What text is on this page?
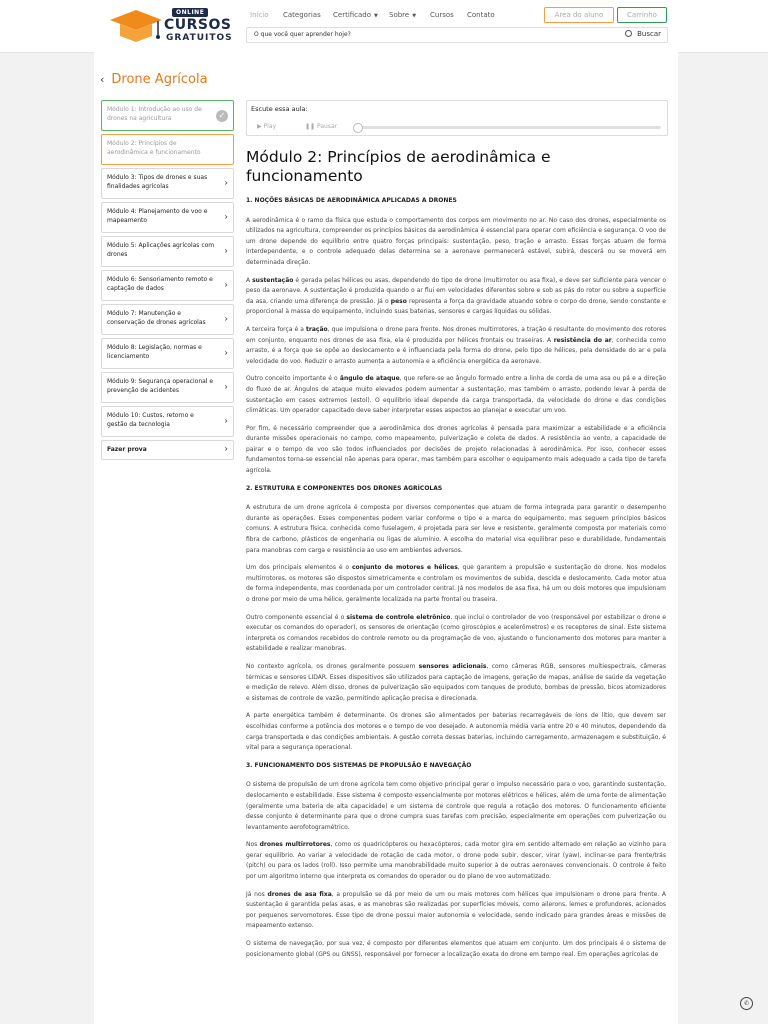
ONLINE
CURSOS
GRATUITOS
Início Categorias Certificado ▼ Sobre ▼ Cursos Contato	Área do aluno	Carrinho
O que você quer aprender hoje?	Buscar
‹ Drone Agrícola
Módulo 1: Introdução ao uso de drones na agricultura	✓
Módulo 2: Princípios de aerodinâmica e funcionamento
Módulo 3: Tipos de drones e suas finalidades agrícolas	›
Módulo 4: Planejamento de voo e mapeamento	›
Módulo 5: Aplicações agrícolas com drones	›
Módulo 6: Sensoriamento remoto e captação de dados	›
Módulo 7: Manutenção e conservação de drones agrícolas ›
Módulo 8: Legislação, normas e licenciamento	›
Módulo 9: Segurança operacional e prevenção de acidentes	›
Módulo 10: Custos, retorno e gestão da tecnologia	›
Fazer prova	›
Escute essa aula:
▶ Play	❚❚ Pausar
Módulo 2: Princípios de aerodinâmica e funcionamento
1. NOÇÕES BÁSICAS DE AERODINÂMICA APLICADAS A DRONES

A aerodinâmica é o ramo da física que estuda o comportamento dos corpos em movimento no ar. No caso dos drones, especialmente os utilizados na agricultura, compreender os princípios básicos da aerodinâmica é essencial para operar com eficiência e segurança. O voo de um drone depende do equilíbrio entre quatro forças principais: sustentação, peso, tração e arrasto. Essas forças atuam de forma interdependente, e o controle adequado delas determina se a aeronave permanecerá estável, subirá, descerá ou se moverá em determinada direção.

A sustentação é gerada pelas hélices ou asas, dependendo do tipo de drone (multirrotor ou asa fixa), e deve ser suficiente para vencer o peso da aeronave. A sustentação é produzida quando o ar flui em velocidades diferentes sobre e sob as pás do rotor ou sobre a superfície da asa, criando uma diferença de pressão. Já o peso representa a força da gravidade atuando sobre o corpo do drone, sendo constante e proporcional à massa do equipamento, incluindo suas baterias, sensores e cargas líquidas ou sólidas.

A terceira força é a tração, que impulsiona o drone para frente. Nos drones multirrotores, a tração é resultante do movimento dos rotores em conjunto, enquanto nos drones de asa fixa, ela é produzida por hélices frontais ou traseiras. A resistência do ar, conhecida como arrasto, é a força que se opõe ao deslocamento e é influenciada pela forma do drone, pelo tipo de hélices, pela densidade do ar e pela velocidade do voo. Reduzir o arrasto aumenta a autonomia e a eficiência energética da aeronave.

Outro conceito importante é o ângulo de ataque, que refere-se ao ângulo formado entre a linha de corda de uma asa ou pá e a direção do fluxo de ar. Ângulos de ataque muito elevados podem aumentar a sustentação, mas também o arrasto, podendo levar à perda de sustentação em casos extremos (estol). O equilíbrio ideal depende da carga transportada, da velocidade do drone e das condições climáticas. Um operador capacitado deve saber interpretar esses aspectos ao planejar e executar um voo.

Por fim, é necessário compreender que a aerodinâmica dos drones agrícolas é pensada para maximizar a estabilidade e a eficiência durante missões operacionais no campo, como mapeamento, pulverização e coleta de dados. A resistência ao vento, a capacidade de pairar e o tempo de voo são todos influenciados por decisões de projeto relacionadas à aerodinâmica. Por isso, conhecer esses fundamentos torna-se essencial não apenas para operar, mas também para escolher o equipamento mais adequado a cada tipo de tarefa agrícola.

2. ESTRUTURA E COMPONENTES DOS DRONES AGRÍCOLAS

A estrutura de um drone agrícola é composta por diversos componentes que atuam de forma integrada para garantir o desempenho durante as operações. Esses componentes podem variar conforme o tipo e a marca do equipamento, mas seguem princípios básicos comuns. A estrutura física, conhecida como fuselagem, é projetada para ser leve e resistente, geralmente composta por materiais como fibra de carbono, plásticos de engenharia ou ligas de alumínio. A escolha do material visa equilibrar peso e durabilidade, fundamentais para manobras com carga e resistência ao uso em ambientes adversos.

Um dos principais elementos é o conjunto de motores e hélices, que garantem a propulsão e sustentação do drone. Nos modelos multirrotores, os motores são dispostos simetricamente e controlam os movimentos de subida, descida e deslocamento. Cada motor atua de forma independente, mas coordenada por um controlador central. Já nos modelos de asa fixa, há um ou dois motores que impulsionam o drone por meio de uma hélice, geralmente localizada na parte frontal ou traseira.

Outro componente essencial é o sistema de controle eletrônico, que inclui o controlador de voo (responsável por estabilizar o drone e executar os comandos do operador), os sensores de orientação (como giroscópios e acelerômetros) e os receptores de sinal. Este sistema interpreta os comandos recebidos do controle remoto ou da programação de voo, ajustando o funcionamento dos motores para manter a estabilidade e realizar manobras.

No contexto agrícola, os drones geralmente possuem sensores adicionais, como câmeras RGB, sensores multiespectrais, câmeras térmicas e sensores LIDAR. Esses dispositivos são utilizados para captação de imagens, geração de mapas, análise de saúde da vegetação e medição de relevo. Além disso, drones de pulverização são equipados com tanques de produto, bombas de pressão, bicos atomizadores e sistemas de controle de vazão, permitindo aplicação precisa e direcionada.

A parte energética também é determinante. Os drones são alimentados por baterias recarregáveis de íons de lítio, que devem ser escolhidas conforme a potência dos motores e o tempo de voo desejado. A autonomia média varia entre 20 e 40 minutos, dependendo da carga transportada e das condições ambientais. A gestão correta dessas baterias, incluindo carregamento, armazenagem e substituição, é vital para a segurança operacional.

3. FUNCIONAMENTO DOS SISTEMAS DE PROPULSÃO E NAVEGAÇÃO

O sistema de propulsão de um drone agrícola tem como objetivo principal gerar o impulso necessário para o voo, garantindo sustentação, deslocamento e estabilidade. Esse sistema é composto essencialmente por motores elétricos e hélices, além de uma fonte de alimentação (geralmente uma bateria de alta capacidade) e um sistema de controle que regula a rotação dos motores. O funcionamento eficiente desse conjunto é determinante para que o drone cumpra suas tarefas com precisão, especialmente em operações com pulverização ou levantamento aerofotogramétrico.

Nos drones multirrotores, como os quadricópteros ou hexacópteros, cada motor gira em sentido alternado em relação ao vizinho para gerar equilíbrio. Ao variar a velocidade de rotação de cada motor, o drone pode subir, descer, virar (yaw), inclinar-se para frente/trás (pitch) ou para os lados (roll). Isso permite uma manobrabilidade muito superior à de outras aeronaves convencionais. O controle é feito por um algoritmo interno que interpreta os comandos do operador ou do plano de voo automatizado.

Já nos drones de asa fixa, a propulsão se dá por meio de um ou mais motores com hélices que impulsionam o drone para frente. A sustentação é garantida pelas asas, e as manobras são realizadas por superfícies móveis, como ailerons, lemes e profundores, acionados por pequenos servomotores. Esse tipo de drone possui maior autonomia e velocidade, sendo indicado para grandes áreas e missões de mapeamento extenso.

O sistema de navegação, por sua vez, é composto por diferentes elementos que atuam em conjunto. Um dos principais é o sistema de posicionamento global (GPS ou GNSS), responsável por fornecer a localização exata do drone em tempo real. Em operações agrícolas de

✆
